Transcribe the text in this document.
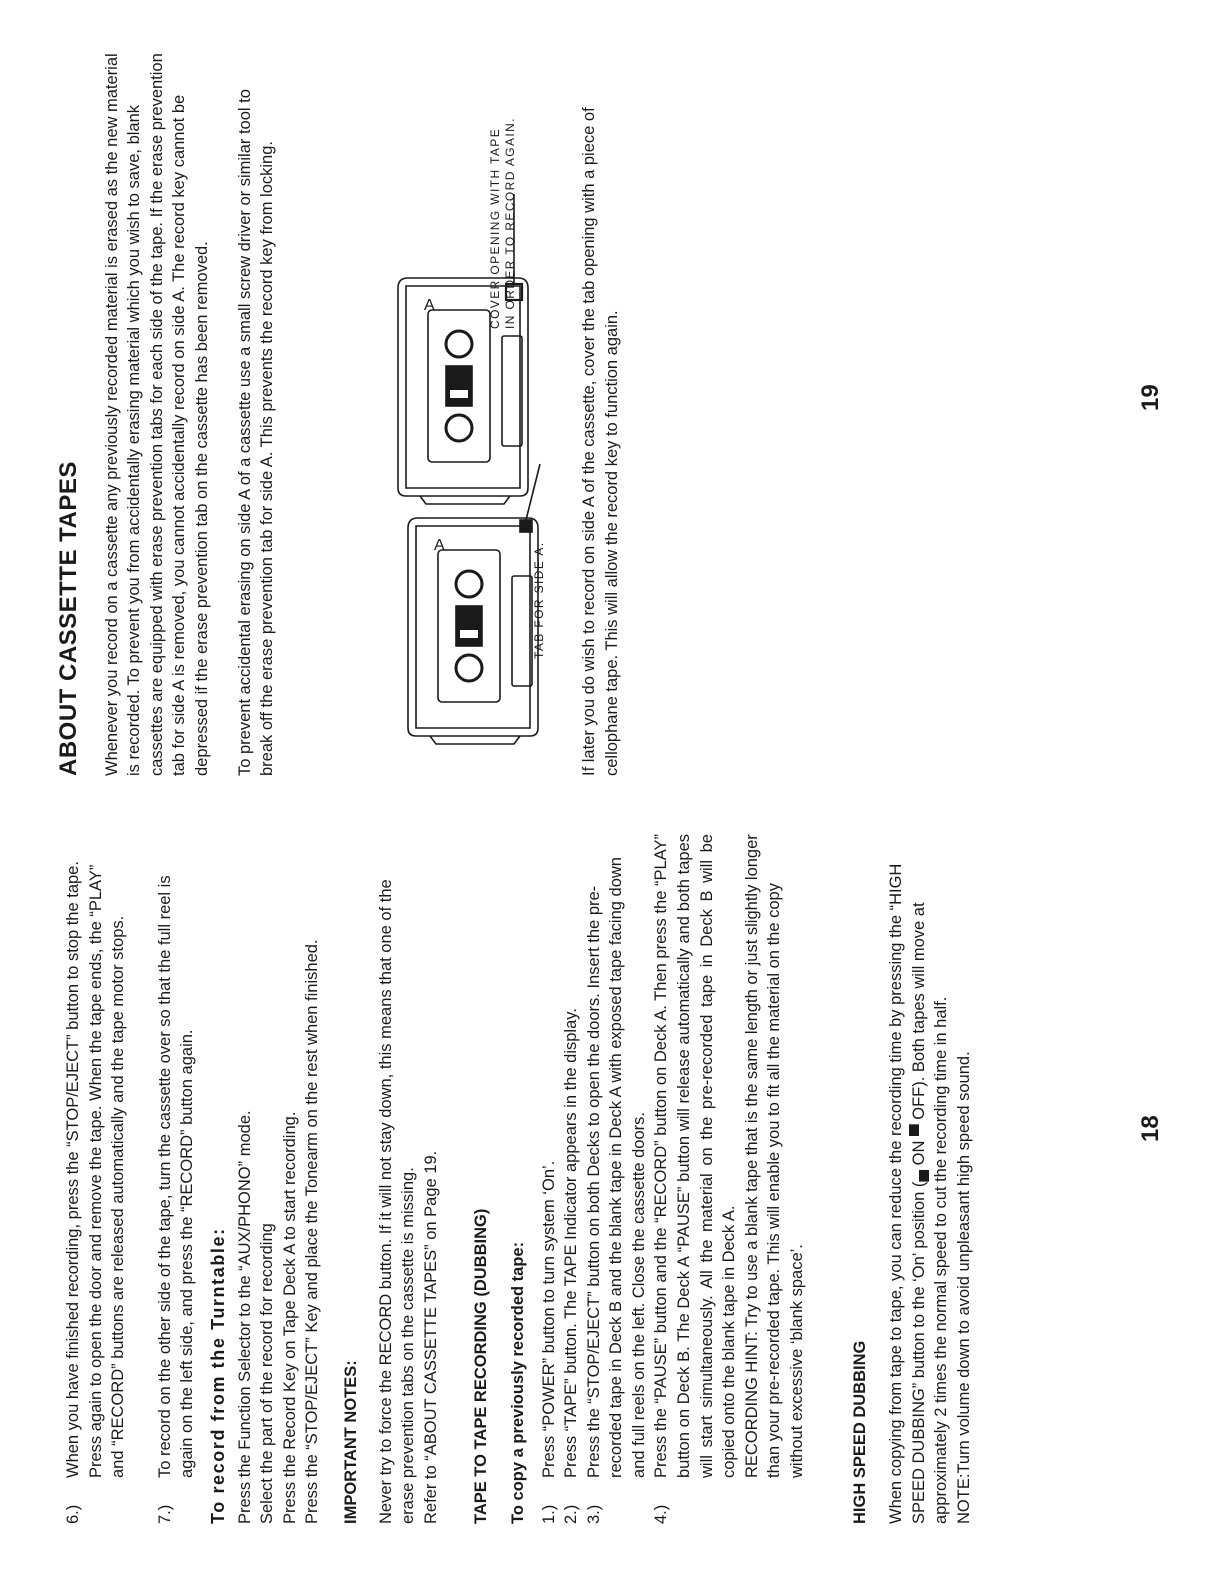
6.)
When you have finished recording, press the “STOP/EJECT” button to stop the tape. Press again to open the door and remove the tape. When the tape ends, the “PLAY” and “RECORD” buttons are released automatically and the tape motor stops.
7.)
To record on the other side of the tape, turn the cassette over so that the full reel is again on the left side, and press the “RECORD” button again. To record from the Turntable: Press the Function Selector to the “AUX/PHONO” mode. Select the part of the record for recording Press the Record Key on Tape Deck A to start recording. Press the “STOP/EJECT” Key and place the Tonearm on the rest when finished. IMPORTANT NOTES: Never try to force the RECORD button. If it will not stay down, this means that one of the erase prevention tabs on the cassette is missing. Refer to “ABOUT CASSETTE TAPES” on Page 19. TAPE TO TAPE RECORDING (DUBBING) To copy a previously recorded tape: 1.)
Press “POWER” button to turn system ‘On’.
2.)
Press “TAPE” button. The TAPE Indicator appears in the display.
3.)
Press the “STOP/EJECT” button on both Decks to open the doors. Insert the pre-recorded tape in Deck B and the blank tape in Deck A with exposed tape facing down and full reels on the left. Close the cassette doors.
4.)
Press the “PAUSE” button and the “RECORD” button on Deck A. Then press the “PLAY” button on Deck B. The Deck A “PAUSE” button will release automatically and both tapes will start simultaneously. All the material on the pre-recorded tape in Deck B will be copied onto the blank tape in Deck A. RECORDING HINT: Try to use a blank tape that is the same length or just slightly longer than your pre-recorded tape. This will enable you to fit all the material on the copy without excessive ‘blank space’.	HIGH SPEED DUBBING When copying from tape to tape, you can reduce the recording time by pressing the “HIGH SPEED DUBBING” button to the ‘On’ position (▄ ON ▀ OFF). Both tapes will move at approximately 2 times the normal speed to cut the recording time in half. NOTE:Turn volume down to avoid unpleasant high speed sound.	18

ABOUT CASSETTE TAPES Whenever you record on a cassette any previously recorded material is erased as the new material is recorded. To prevent you from accidentally erasing material which you wish to save, blank cassettes are equipped with erase prevention tabs for each side of the tape. If the erase prevention tab for side A is removed, you cannot accidentally record on side A. The record key cannot be depressed if the erase prevention tab on the cassette has been removed. To prevent accidental erasing on side A of a cassette use a small screw driver or similar tool to break off the erase prevention tab for side A. This prevents the record key from locking.	A	TAB FOR SIDE A.
A	COVER OPENING WITH TAPE IN ORDER TO RECORD AGAIN.	If later you do wish to record on side A of the cassette, cover the tab opening with a piece of cellophane tape. This will allow the record key to function again.	19
